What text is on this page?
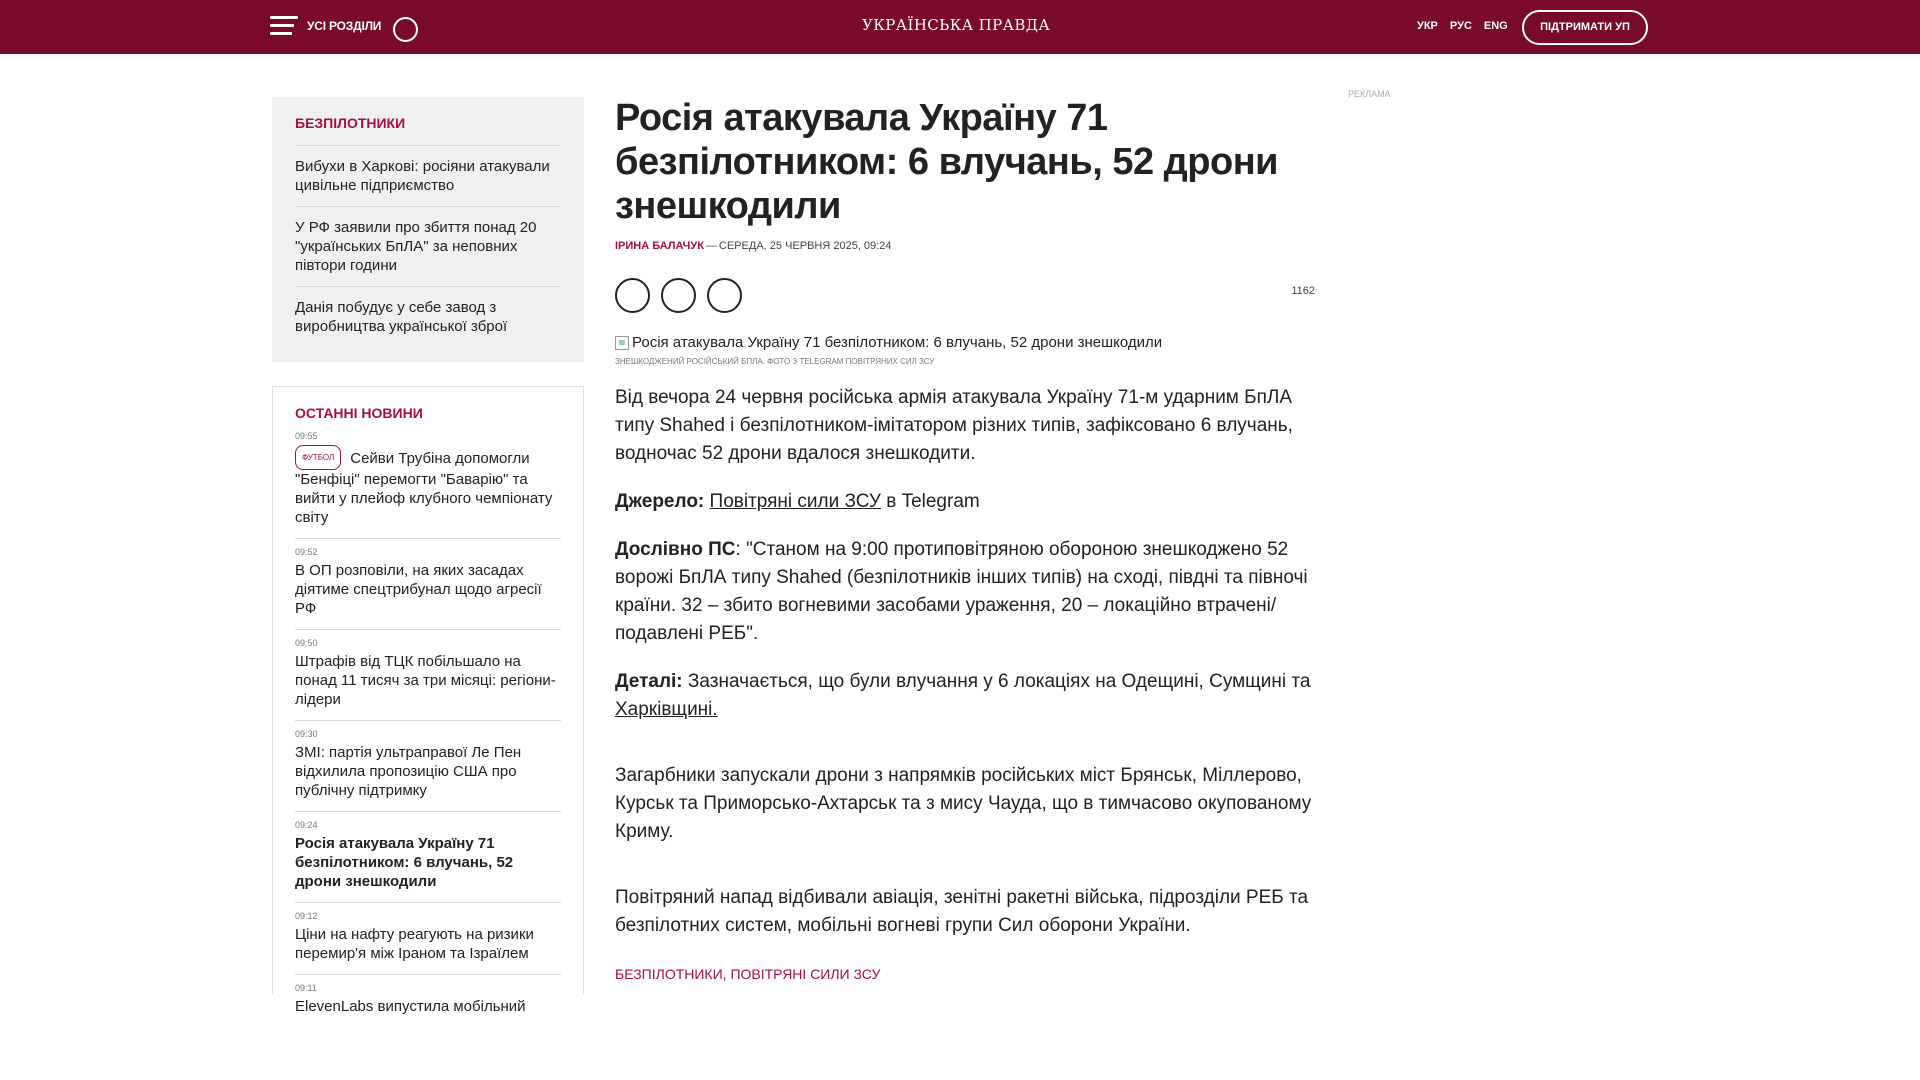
УСІ РОЗДІЛИ	УКРАЇНСЬКА ПРАВДА	УКР РУС ENG	ПІДТРИМАТИ УП
БЕЗПІЛОТНИКИ
Вибухи в Харкові: росіяни атакували цивільне підприємство
У РФ заявили про збиття понад 20 "українських БпЛА" за неповних півтори години
Данія побудує у себе завод з виробництва української зброї
ОСТАННІ НОВИНИ
09:55
ФУТБОЛ Сейви Трубіна допомогли "Бенфіці" перемогти "Баварію" та вийти у плейоф клубного чемпіонату світу
09:52
В ОП розповіли, на яких засадах діятиме спецтрибунал щодо агресії РФ
09:50
Штрафів від ТЦК побільшало на понад 11 тисяч за три місяці: регіони-лідери
09:30
ЗМІ: партія ультраправої Ле Пен відхилила пропозицію США про публічну підтримку
09:24
Росія атакувала Україну 71 безпілотником: 6 влучань, 52 дрони знешкодили
09:12
Ціни на нафту реагують на ризики перемир'я між Іраном та Ізраїлем
09:11
ElevenLabs випустила мобільний
Росія атакувала Україну 71 безпілотником: 6 влучань, 52 дрони знешкодили
ІРИНА БАЛАЧУК — СЕРЕДА, 25 ЧЕРВНЯ 2025, 09:24
1162
Росія атакувала Україну 71 безпілотником: 6 влучань, 52 дрони знешкодили
ЗНЕШКОДЖЕНИЙ РОСІЙСЬКИЙ БПЛА. ФОТО З TELEGRAM ПОВІТРЯНИХ СИЛ ЗСУ

Від вечора 24 червня російська армія атакувала Україну 71-м ударним БпЛА типу Shahed і безпілотником-імітатором різних типів, зафіксовано 6 влучань, водночас 52 дрони вдалося знешкодити.

Джерело: Повітряні сили ЗСУ в Telegram

Дослівно ПС: "Станом на 9:00 протиповітряною обороною знешкоджено 52 ворожі БпЛА типу Shahed (безпілотників інших типів) на сході, півдні та півночі країни. 32 – збито вогневими засобами ураження, 20 – локаційно втрачені/подавлені РЕБ".

Деталі: Зазначається, що були влучання у 6 локаціях на Одещині, Сумщині та Харківщині.

Загарбники запускали дрони з напрямків російських міст Брянськ, Міллерово, Курськ та Приморсько-Ахтарськ та з мису Чауда, що в тимчасово окупованому Криму.

Повітряний напад відбивали авіація, зенітні ракетні війська, підрозділи РЕБ та безпілотних систем, мобільні вогневі групи Сил оборони України.

БЕЗПІЛОТНИКИ, ПОВІТРЯНІ СИЛИ ЗСУ
РЕКЛАМА
